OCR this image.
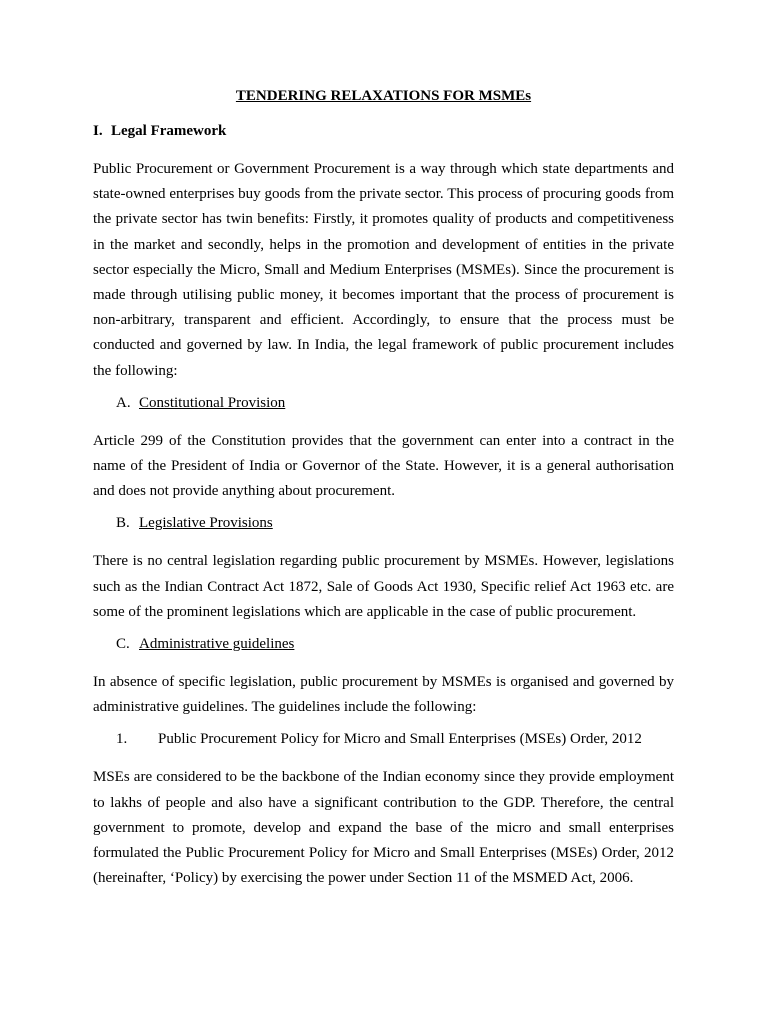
TENDERING RELAXATIONS FOR MSMEs
I. Legal Framework

Public Procurement or Government Procurement is a way through which state departments and state-owned enterprises buy goods from the private sector. This process of procuring goods from the private sector has twin benefits: Firstly, it promotes quality of products and competitiveness in the market and secondly, helps in the promotion and development of entities in the private sector especially the Micro, Small and Medium Enterprises (MSMEs). Since the procurement is made through utilising public money, it becomes important that the process of procurement is non-arbitrary, transparent and efficient. Accordingly, to ensure that the process must be conducted and governed by law. In India, the legal framework of public procurement includes the following:

A. Constitutional Provision

Article 299 of the Constitution provides that the government can enter into a contract in the name of the President of India or Governor of the State. However, it is a general authorisation and does not provide anything about procurement.

B. Legislative Provisions

There is no central legislation regarding public procurement by MSMEs. However, legislations such as the Indian Contract Act 1872, Sale of Goods Act 1930, Specific relief Act 1963 etc. are some of the prominent legislations which are applicable in the case of public procurement.

C. Administrative guidelines

In absence of specific legislation, public procurement by MSMEs is organised and governed by administrative guidelines. The guidelines include the following:

1. Public Procurement Policy for Micro and Small Enterprises (MSEs) Order, 2012

MSEs are considered to be the backbone of the Indian economy since they provide employment to lakhs of people and also have a significant contribution to the GDP. Therefore, the central government to promote, develop and expand the base of the micro and small enterprises formulated the Public Procurement Policy for Micro and Small Enterprises (MSEs) Order, 2012 (hereinafter, ‘Policy) by exercising the power under Section 11 of the MSMED Act, 2006.
